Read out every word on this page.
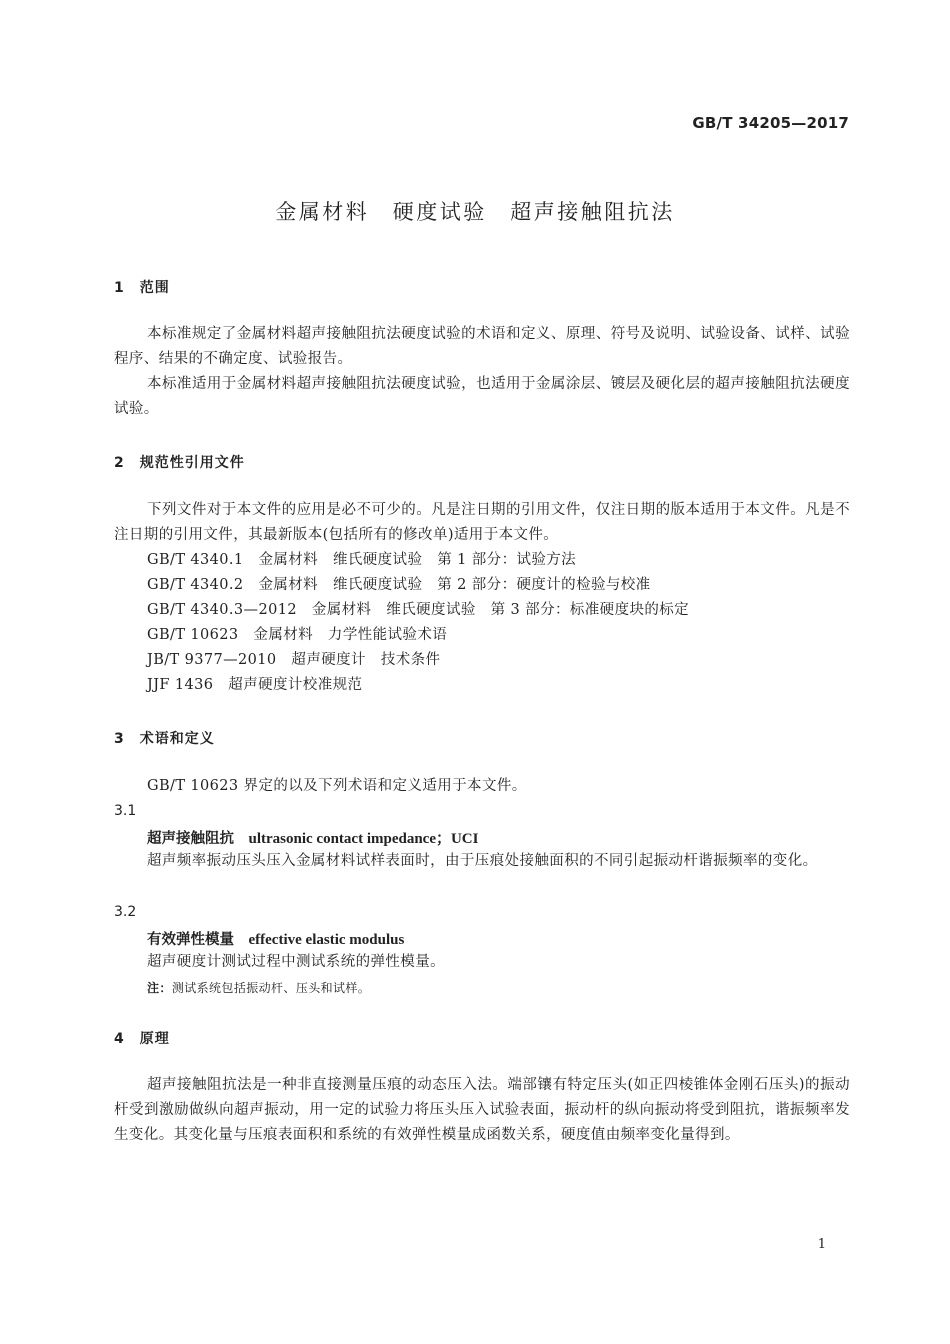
GB/T 34205—2017
金属材料　硬度试验　超声接触阻抗法
1　范围

本标准规定了金属材料超声接触阻抗法硬度试验的术语和定义、原理、符号及说明、试验设备、试样、试验程序、结果的不确定度、试验报告。

本标准适用于金属材料超声接触阻抗法硬度试验，也适用于金属涂层、镀层及硬化层的超声接触阻抗法硬度试验。

2　规范性引用文件

下列文件对于本文件的应用是必不可少的。凡是注日期的引用文件，仅注日期的版本适用于本文件。凡是不注日期的引用文件，其最新版本(包括所有的修改单)适用于本文件。

GB/T 4340.1　金属材料　维氏硬度试验　第 1 部分：试验方法
GB/T 4340.2　金属材料　维氏硬度试验　第 2 部分：硬度计的检验与校准
GB/T 4340.3—2012　金属材料　维氏硬度试验　第 3 部分：标准硬度块的标定
GB/T 10623　金属材料　力学性能试验术语
JB/T 9377—2010　超声硬度计　技术条件
JJF 1436　超声硬度计校准规范
3　术语和定义
GB/T 10623 界定的以及下列术语和定义适用于本文件。
3.1
超声接触阻抗　 ultrasonic contact impedance；UCI

超声频率振动压头压入金属材料试样表面时，由于压痕处接触面积的不同引起振动杆谐振频率的变化。

3.2
有效弹性模量　 effective elastic modulus
超声硬度计测试过程中测试系统的弹性模量。
注：测试系统包括振动杆、压头和试样。
4　原理

超声接触阻抗法是一种非直接测量压痕的动态压入法。端部镶有特定压头(如正四棱锥体金刚石压头)的振动杆受到激励做纵向超声振动，用一定的试验力将压头压入试验表面，振动杆的纵向振动将受到阻抗，谐振频率发生变化。其变化量与压痕表面积和系统的有效弹性模量成函数关系，硬度值由频率变化量得到。

1
